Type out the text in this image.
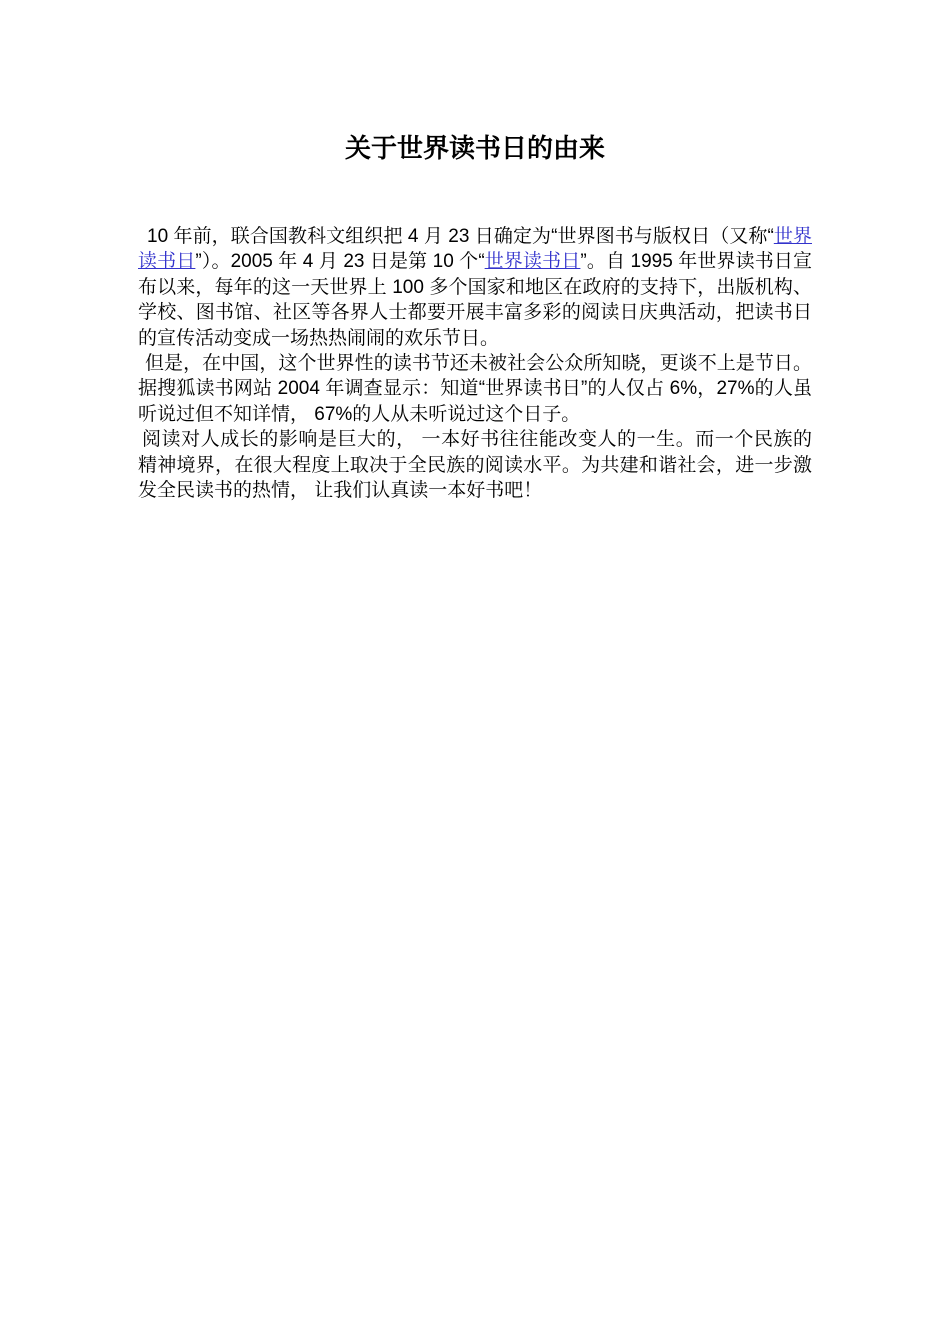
关于世界读书日的由来

10 年前，联合国教科文组织把 4 月 23 日确定为“世界图书与版权日（又称“世界读书日”）。2005 年 4 月 23 日是第 10 个“世界读书日”。自 1995 年世界读书日宣布以来，每年的这一天世界上 100 多个国家和地区在政府的支持下，出版机构、学校、图书馆、社区等各界人士都要开展丰富多彩的阅读日庆典活动，把读书日的宣传活动变成一场热热闹闹的欢乐节日。

但是，在中国，这个世界性的读书节还未被社会公众所知晓，更谈不上是节日。据搜狐读书网站 2004 年调查显示：知道“世界读书日”的人仅占 6%，27%的人虽听说过但不知详情， 67%的人从未听说过这个日子。

阅读对人成长的影响是巨大的， 一本好书往往能改变人的一生。而一个民族的精神境界，在很大程度上取决于全民族的阅读水平。为共建和谐社会，进一步激发全民读书的热情， 让我们认真读一本好书吧！
